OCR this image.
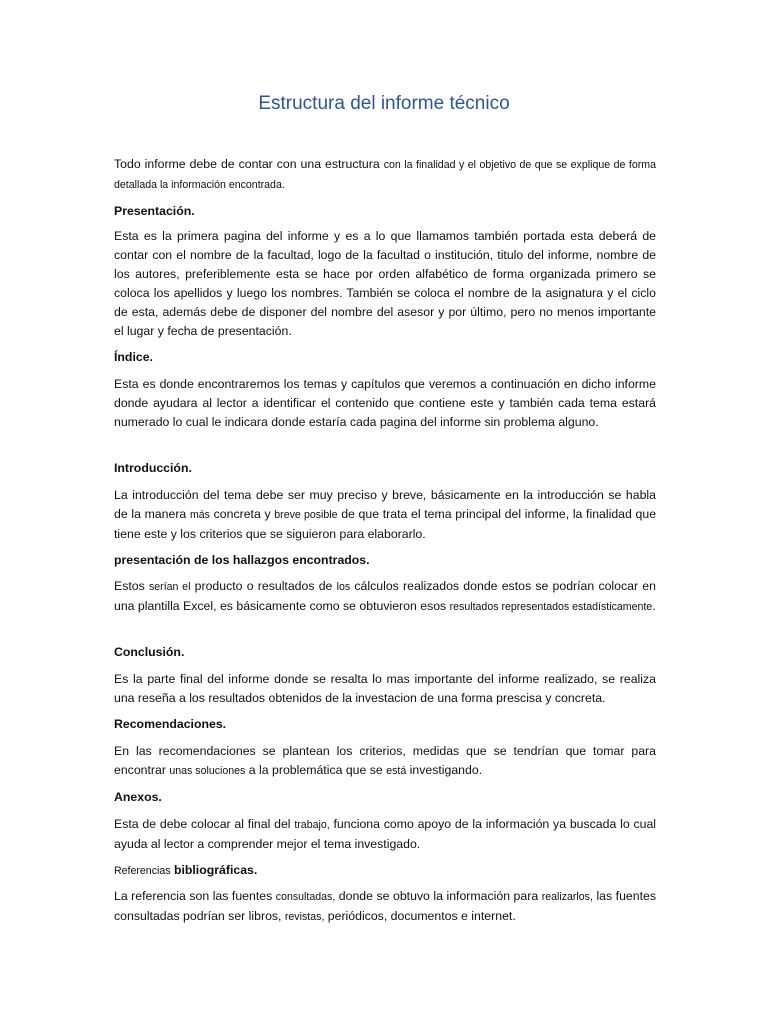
Estructura del informe técnico
Todo informe debe de contar con una estructura con la finalidad y el objetivo de que se explique de forma detallada la información encontrada.
Presentación.
Esta es la primera pagina del informe y es a lo que llamamos también portada esta deberá de contar con el nombre de la facultad, logo de la facultad o institución, titulo del informe, nombre de los autores, preferiblemente esta se hace por orden alfabético de forma organizada primero se coloca los apellidos y luego los nombres. También se coloca el nombre de la asignatura y el ciclo de esta, además debe de disponer del nombre del asesor y por último, pero no menos importante el lugar y fecha de presentación.
Índice.
Esta es donde encontraremos los temas y capítulos que veremos a continuación en dicho informe donde ayudara al lector a identificar el contenido que contiene este y también cada tema estará numerado lo cual le indicara donde estaría cada pagina del informe sin problema alguno.
Introducción.
La introducción del tema debe ser muy preciso y breve, básicamente en la introducción se habla de la manera más concreta y breve posible de que trata el tema principal del informe, la finalidad que tiene este y los criterios que se siguieron para elaborarlo.
presentación de los hallazgos encontrados.
Estos serían el producto o resultados de los cálculos realizados donde estos se podrían colocar en una plantilla Excel, es básicamente como se obtuvieron esos resultados representados estadísticamente.
Conclusión.
Es la parte final del informe donde se resalta lo mas importante del informe realizado, se realiza una reseña a los resultados obtenidos de la investacion de una forma prescisa y concreta.
Recomendaciones.
En las recomendaciones se plantean los criterios, medidas que se tendrían que tomar para encontrar unas soluciones a la problemática que se está investigando.
Anexos.
Esta de debe colocar al final del trabajo, funciona como apoyo de la información ya buscada lo cual ayuda al lector a comprender mejor el tema investigado.
Referencias bibliográficas.
La referencia son las fuentes consultadas, donde se obtuvo la información para realizarlos, las fuentes consultadas podrían ser libros, revistas, periódicos, documentos e internet.
